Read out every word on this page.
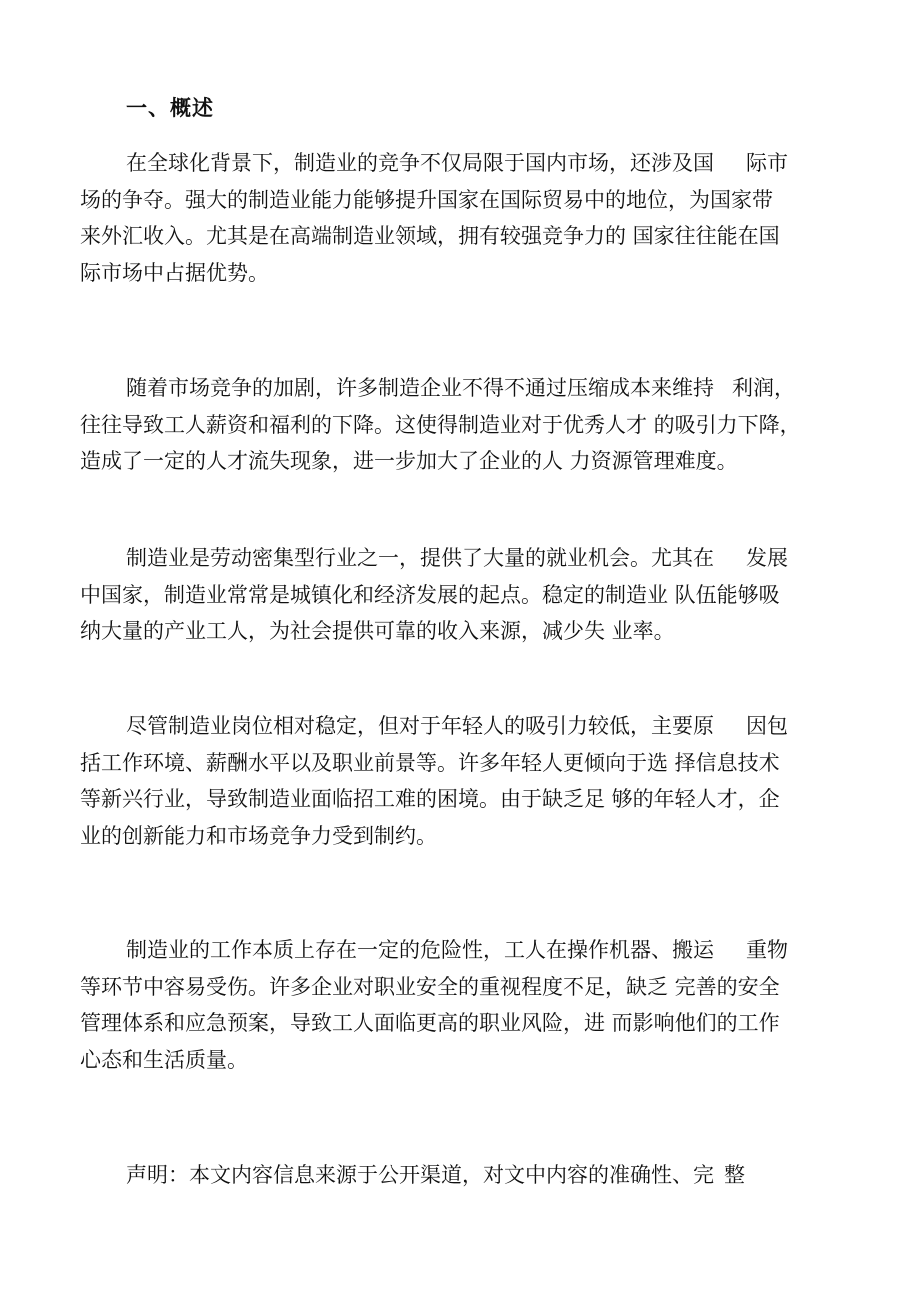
一、概述
在全球化背景下，制造业的竞争不仅局限于国内市场，还涉及国 际市
场的争夺。强大的制造业能力能够提升国家在国际贸易中的地位，为国家带
来外汇收入。尤其是在高端制造业领域，拥有较强竞争力的 国家往往能在国
际市场中占据优势。
随着市场竞争的加剧，许多制造企业不得不通过压缩成本来维持 利润，
往往导致工人薪资和福利的下降。这使得制造业对于优秀人才 的吸引力下降，
造成了一定的人才流失现象，进一步加大了企业的人 力资源管理难度。
制造业是劳动密集型行业之一，提供了大量的就业机会。尤其在 发展
中国家，制造业常常是城镇化和经济发展的起点。稳定的制造业 队伍能够吸
纳大量的产业工人，为社会提供可靠的收入来源，减少失 业率。
尽管制造业岗位相对稳定，但对于年轻人的吸引力较低，主要原 因包
括工作环境、薪酬水平以及职业前景等。许多年轻人更倾向于选 择信息技术
等新兴行业，导致制造业面临招工难的困境。由于缺乏足 够的年轻人才，企
业的创新能力和市场竞争力受到制约。
制造业的工作本质上存在一定的危险性，工人在操作机器、搬运 重物
等环节中容易受伤。许多企业对职业安全的重视程度不足，缺乏 完善的安全
管理体系和应急预案，导致工人面临更高的职业风险，进 而影响他们的工作
心态和生活质量。
声明：本文内容信息来源于公开渠道，对文中内容的准确性、完 整
